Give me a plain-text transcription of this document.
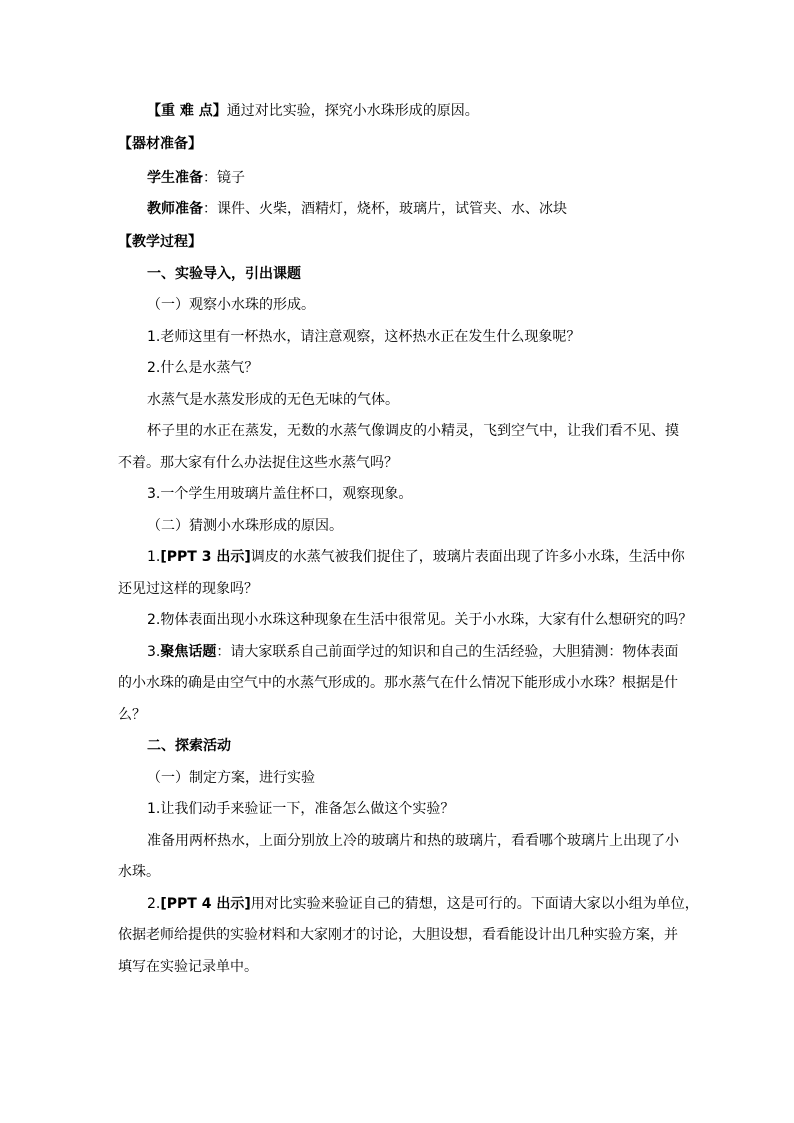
【重 难 点】通过对比实验，探究小水珠形成的原因。
【器材准备】
学生准备：镜子
教师准备：课件、火柴，酒精灯，烧杯，玻璃片，试管夹、水、冰块
【教学过程】
一、实验导入，引出课题
（一）观察小水珠的形成。
1.老师这里有一杯热水，请注意观察，这杯热水正在发生什么现象呢？
2.什么是水蒸气？
水蒸气是水蒸发形成的无色无味的气体。
杯子里的水正在蒸发，无数的水蒸气像调皮的小精灵，飞到空气中，让我们看不见、摸
不着。那大家有什么办法捉住这些水蒸气吗？
3.一个学生用玻璃片盖住杯口，观察现象。
（二）猜测小水珠形成的原因。
1.[PPT 3 出示]调皮的水蒸气被我们捉住了，玻璃片表面出现了许多小水珠，生活中你
还见过这样的现象吗？
2.物体表面出现小水珠这种现象在生活中很常见。关于小水珠，大家有什么想研究的吗？
3.聚焦话题：请大家联系自己前面学过的知识和自己的生活经验，大胆猜测：物体表面
的小水珠的确是由空气中的水蒸气形成的。那水蒸气在什么情况下能形成小水珠？根据是什
么？
二、探索活动
（一）制定方案，进行实验
1.让我们动手来验证一下，准备怎么做这个实验？
准备用两杯热水，上面分别放上冷的玻璃片和热的玻璃片，看看哪个玻璃片上出现了小
水珠。
2.[PPT 4 出示]用对比实验来验证自己的猜想，这是可行的。下面请大家以小组为单位，
依据老师给提供的实验材料和大家刚才的讨论，大胆设想，看看能设计出几种实验方案，并
填写在实验记录单中。
